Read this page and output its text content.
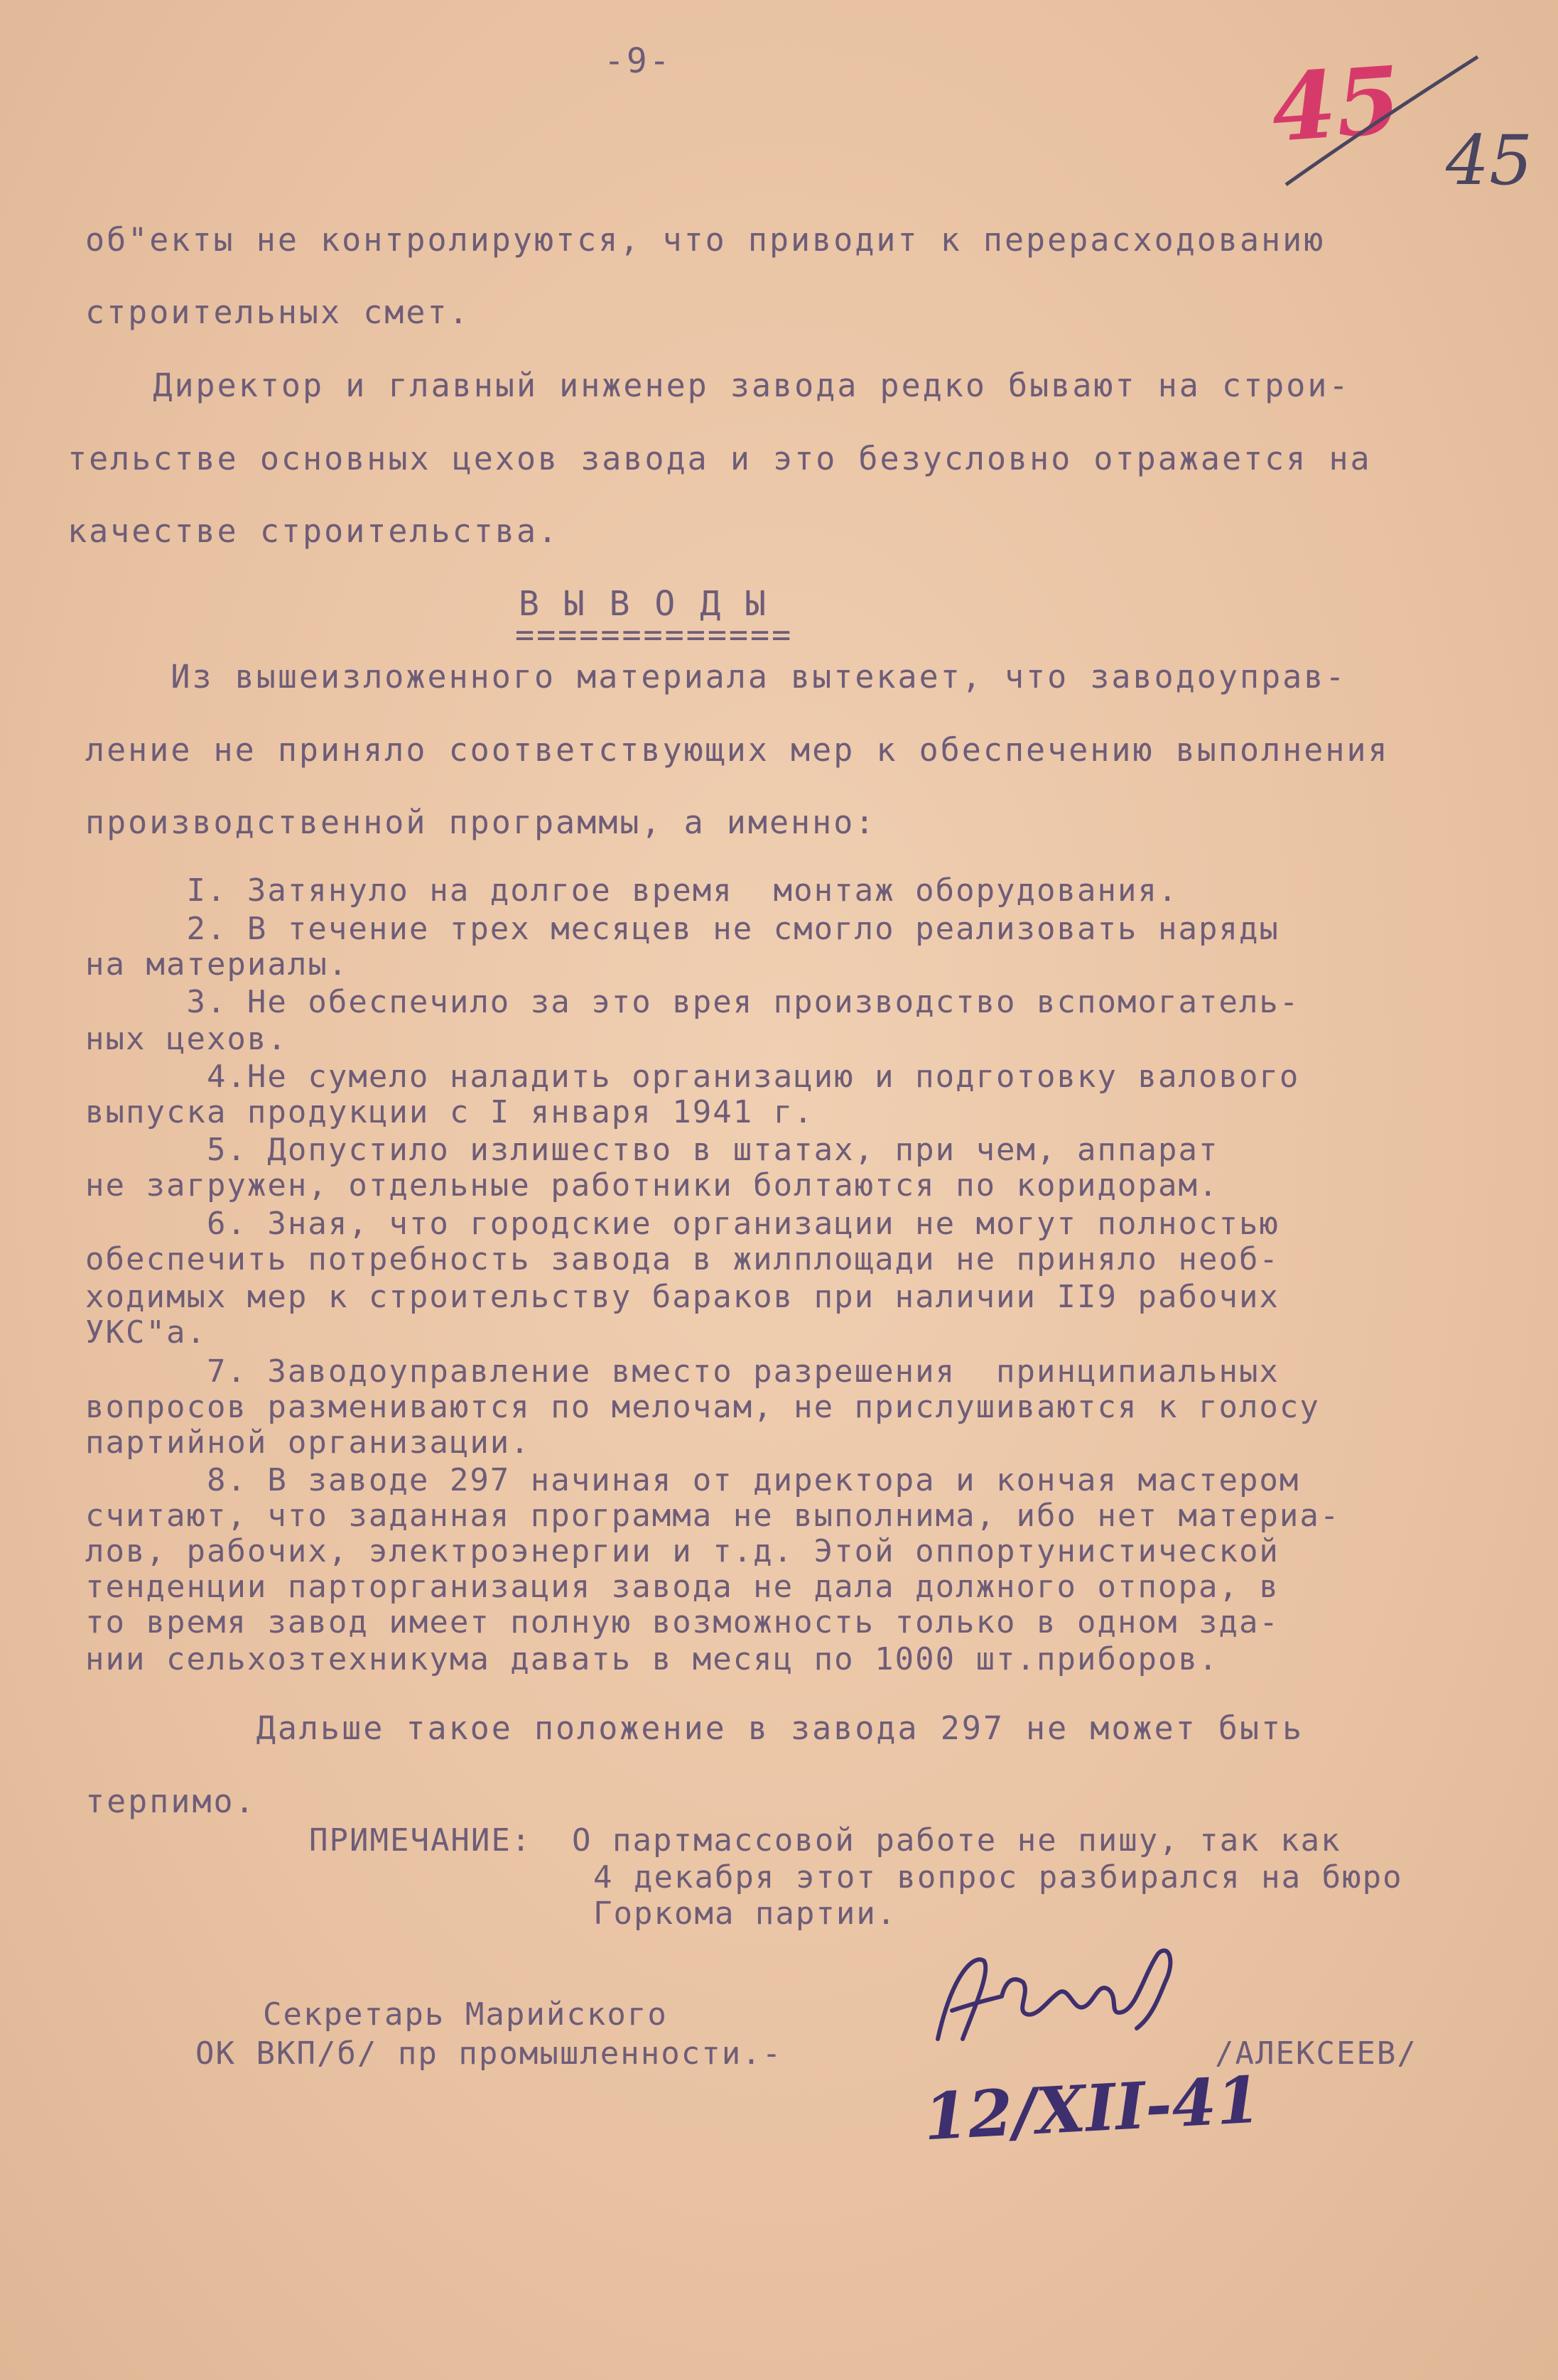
-9-	45 45
об"екты не контролируются, что приводит к перерасходованию
строительных смет.
Директор и главный инженер завода редко бывают на строи-
тельстве основных цехов завода и это безусловно отражается на
качестве строительства.
В Ы В О Д Ы
=============
Из вышеизложенного материала вытекает, что заводоуправ-
ление не приняло соответствующих мер к обеспечению выполнения
производственной программы, а именно:
I. Затянуло на долгое время  монтаж оборудования.
2. В течение трех месяцев не смогло реализовать наряды
на материалы.
3. Не обеспечило за это врея производство вспомогатель-
ных цехов.
4.Не сумело наладить организацию и подготовку валового
выпуска продукции с I января 1941 г.
5. Допустило излишество в штатах, при чем, аппарат
не загружен, отдельные работники болтаются по коридорам.
6. Зная, что городские организации не могут полностью
обеспечить потребность завода в жилплощади не приняло необ-
ходимых мер к строительству бараков при наличии II9 рабочих
УКС"а.
7. Заводоуправление вместо разрешения  принципиальных
вопросов размениваются по мелочам, не прислушиваются к голосу
партийной организации.
8. В заводе 297 начиная от директора и кончая мастером
считают, что заданная программа не выполнима, ибо нет материа-
лов, рабочих, электроэнергии и т.д. Этой оппортунистической
тенденции парторганизация завода не дала должного отпора, в
то время завод имеет полную возможность только в одном зда-
нии сельхозтехникума давать в месяц по 1000 шт.приборов.
Дальше такое положение в завода 297 не может быть
терпимо.
ПРИМЕЧАНИЕ: О партмассовой работе не пишу, так как
4 декабря этот вопрос разбирался на бюро
Горкома партии.
Секретарь Марийского
ОК ВКП/б/ пр промышленности.-	/АЛЕКСЕЕВ/
12/XII-41
